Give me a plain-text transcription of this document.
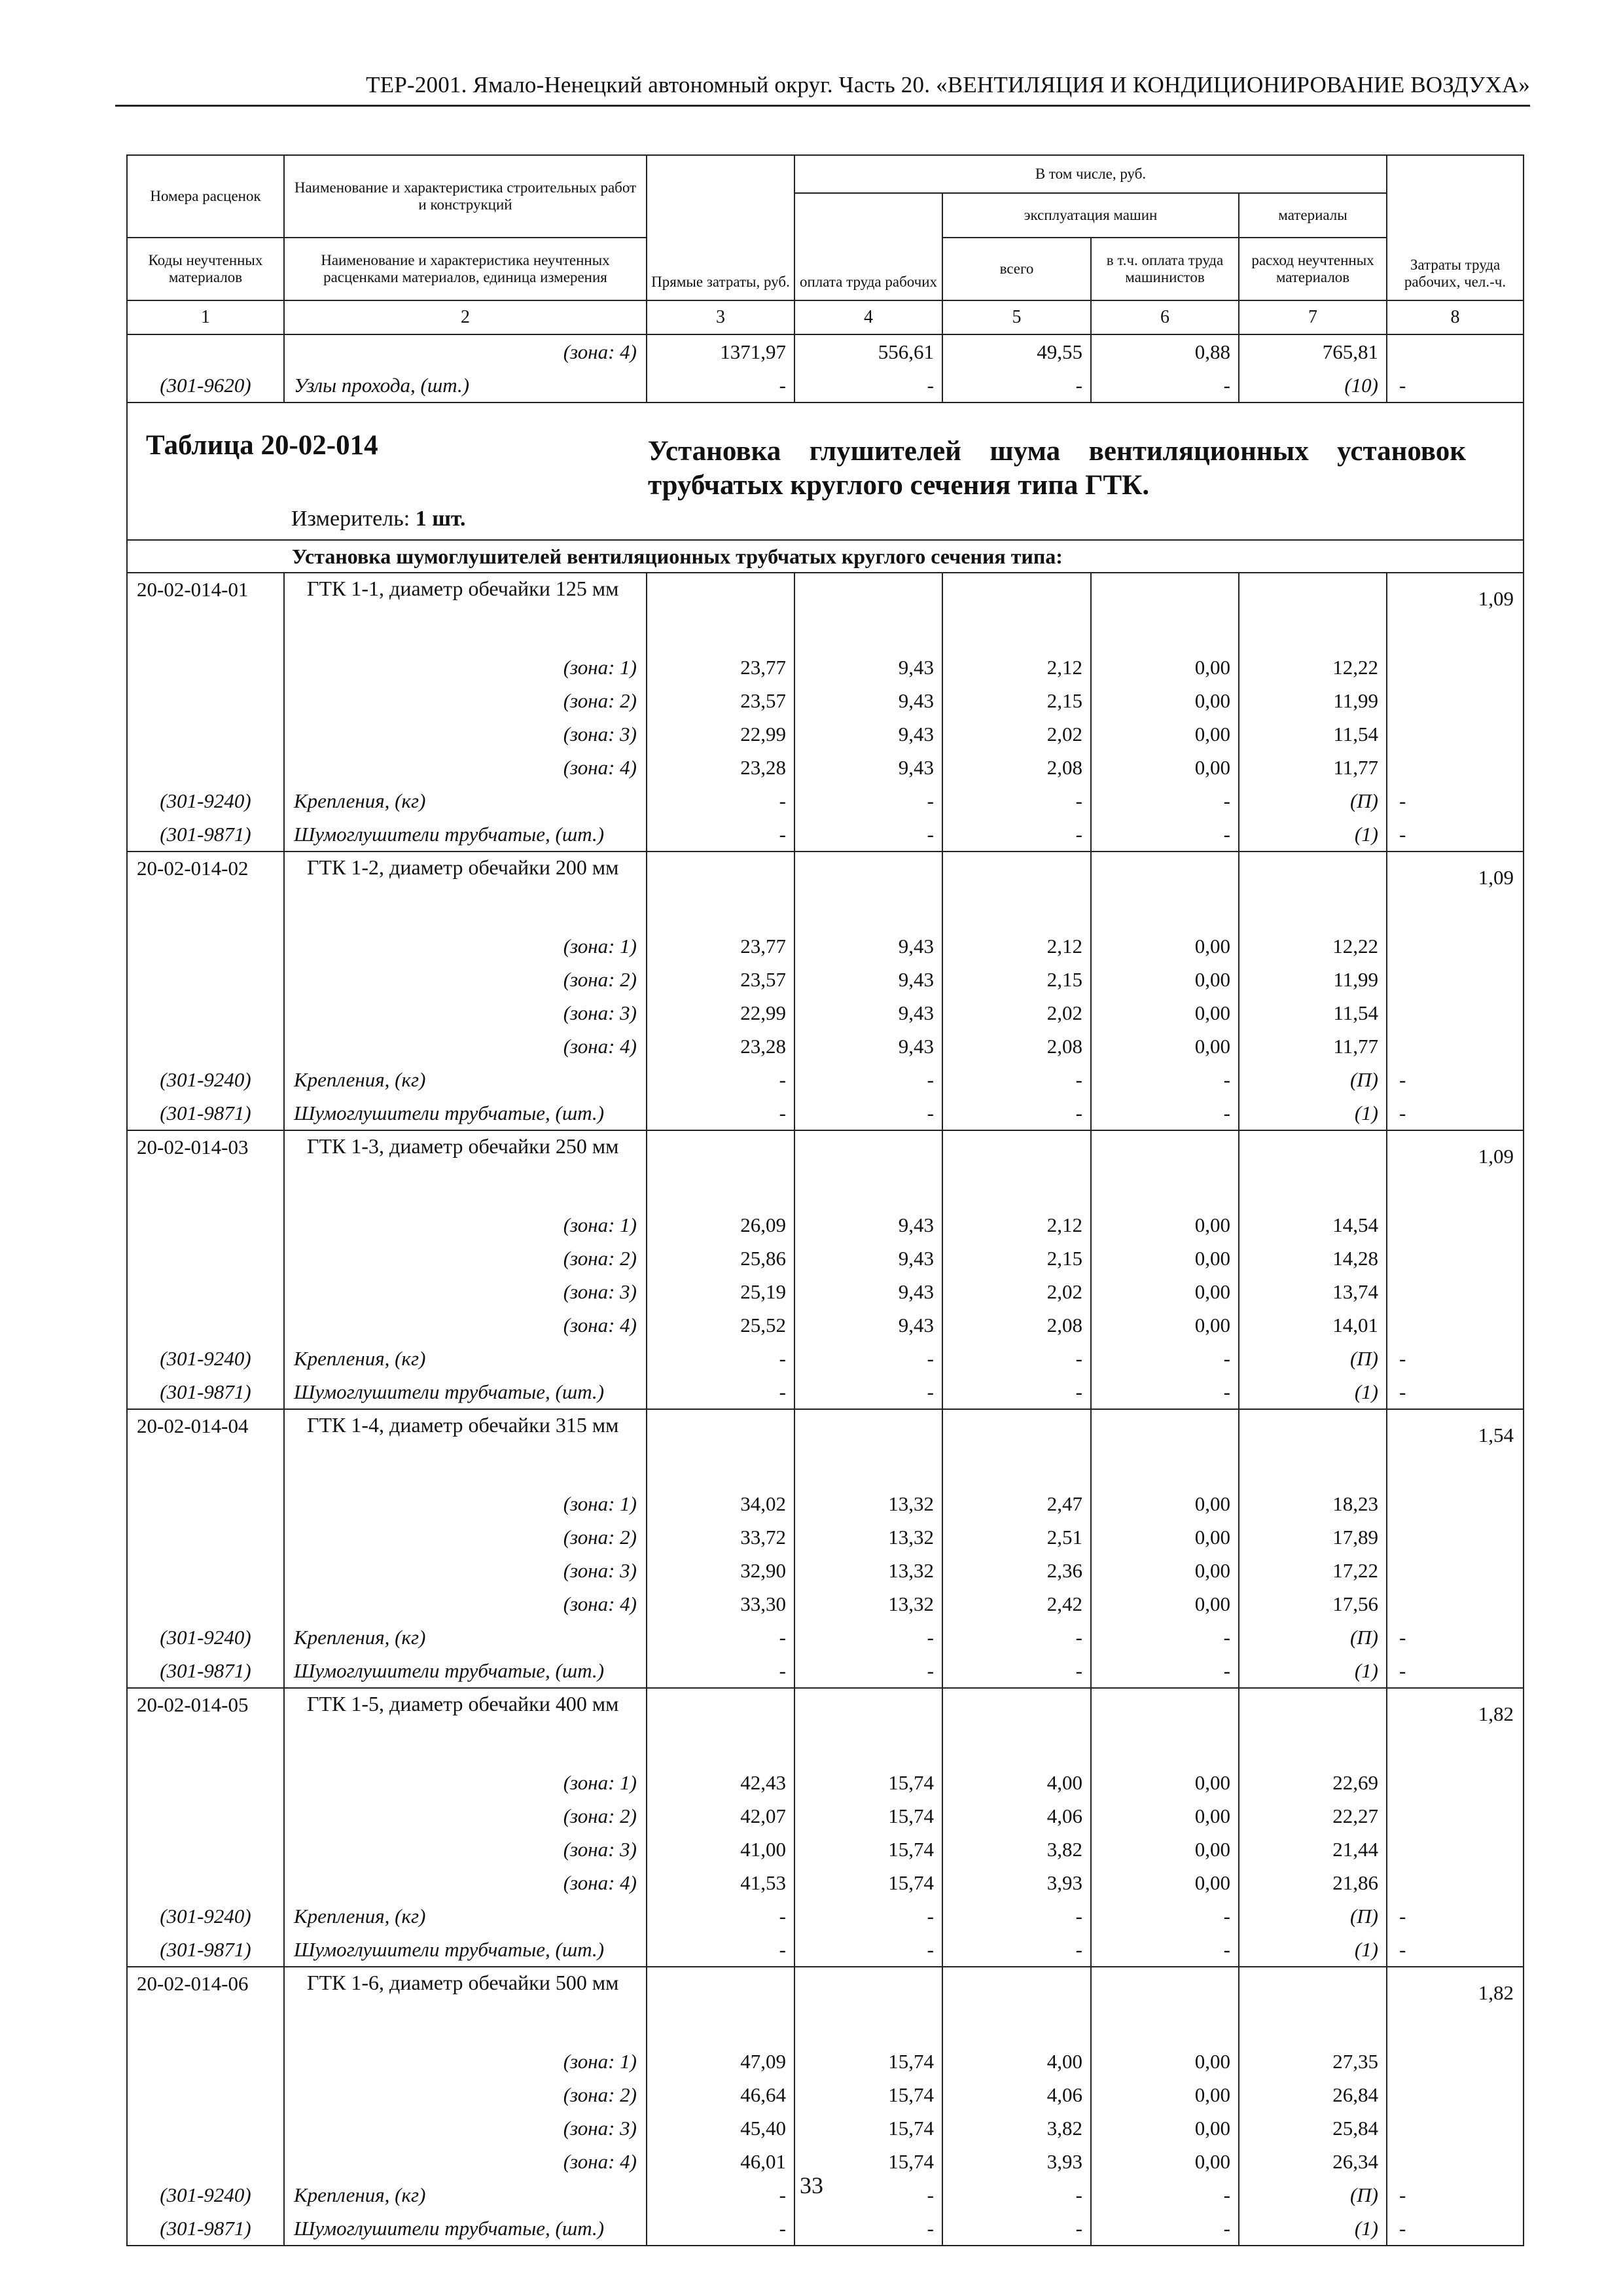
ТЕР-2001. Ямало-Ненецкий автономный округ. Часть 20. «ВЕНТИЛЯЦИЯ И КОНДИЦИОНИРОВАНИЕ ВОЗДУХА»
Номера расценок	Наименование и характеристика строительных работ и конструкций	Прямые затраты, руб.	В том числе, руб.				Затраты труда рабочих, чел.-ч.
			оплата труда рабочих	эксплуатация машин		материалы	
Коды неучтенных материалов	Наименование и характеристика неучтенных расценками материалов, единица измерения			всего	в т.ч. оплата труда машинистов	расход неучтенных материалов	
1	2	3	4	5	6	7	8
	(зона: 4)	1371,97	556,61	49,55	0,88	765,81	
(301-9620)	Узлы прохода, (шт.)	-	-	-	-	(10)	-

Таблица 20-02-014 Установка глушителей шума вентиляционных установок трубчатых круглого сечения типа ГТК.
Измеритель: 1 шт.							

	Установка шумоглушителей вентиляционных трубчатых круглого сечения типа:						
20-02-014-01	ГТК 1-1, диаметр обечайки 125 мм						1,09
	(зона: 1)	23,77	9,43	2,12	0,00	12,22	
	(зона: 2)	23,57	9,43	2,15	0,00	11,99	
	(зона: 3)	22,99	9,43	2,02	0,00	11,54	
	(зона: 4)	23,28	9,43	2,08	0,00	11,77	
(301-9240)	Крепления, (кг)	-	-	-	-	(П)	-
(301-9871)	Шумоглушители трубчатые, (шт.)	-	-	-	-	(1)	-
20-02-014-02	ГТК 1-2, диаметр обечайки 200 мм						1,09
	(зона: 1)	23,77	9,43	2,12	0,00	12,22	
	(зона: 2)	23,57	9,43	2,15	0,00	11,99	
	(зона: 3)	22,99	9,43	2,02	0,00	11,54	
	(зона: 4)	23,28	9,43	2,08	0,00	11,77	
(301-9240)	Крепления, (кг)	-	-	-	-	(П)	-
(301-9871)	Шумоглушители трубчатые, (шт.)	-	-	-	-	(1)	-
20-02-014-03	ГТК 1-3, диаметр обечайки 250 мм						1,09
	(зона: 1)	26,09	9,43	2,12	0,00	14,54	
	(зона: 2)	25,86	9,43	2,15	0,00	14,28	
	(зона: 3)	25,19	9,43	2,02	0,00	13,74	
	(зона: 4)	25,52	9,43	2,08	0,00	14,01	
(301-9240)	Крепления, (кг)	-	-	-	-	(П)	-
(301-9871)	Шумоглушители трубчатые, (шт.)	-	-	-	-	(1)	-
20-02-014-04	ГТК 1-4, диаметр обечайки 315 мм						1,54
	(зона: 1)	34,02	13,32	2,47	0,00	18,23	
	(зона: 2)	33,72	13,32	2,51	0,00	17,89	
	(зона: 3)	32,90	13,32	2,36	0,00	17,22	
	(зона: 4)	33,30	13,32	2,42	0,00	17,56	
(301-9240)	Крепления, (кг)	-	-	-	-	(П)	-
(301-9871)	Шумоглушители трубчатые, (шт.)	-	-	-	-	(1)	-
20-02-014-05	ГТК 1-5, диаметр обечайки 400 мм						1,82
	(зона: 1)	42,43	15,74	4,00	0,00	22,69	
	(зона: 2)	42,07	15,74	4,06	0,00	22,27	
	(зона: 3)	41,00	15,74	3,82	0,00	21,44	
	(зона: 4)	41,53	15,74	3,93	0,00	21,86	
(301-9240)	Крепления, (кг)	-	-	-	-	(П)	-
(301-9871)	Шумоглушители трубчатые, (шт.)	-	-	-	-	(1)	-
20-02-014-06	ГТК 1-6, диаметр обечайки 500 мм						1,82
	(зона: 1)	47,09	15,74	4,00	0,00	27,35	
	(зона: 2)	46,64	15,74	4,06	0,00	26,84	
	(зона: 3)	45,40	15,74	3,82	0,00	25,84	
	(зона: 4)	46,01	15,74	3,93	0,00	26,34	
(301-9240)	Крепления, (кг)	-	-	-	-	(П)	-
(301-9871)	Шумоглушители трубчатые, (шт.)	-	-	-	-	(1)	-
33
